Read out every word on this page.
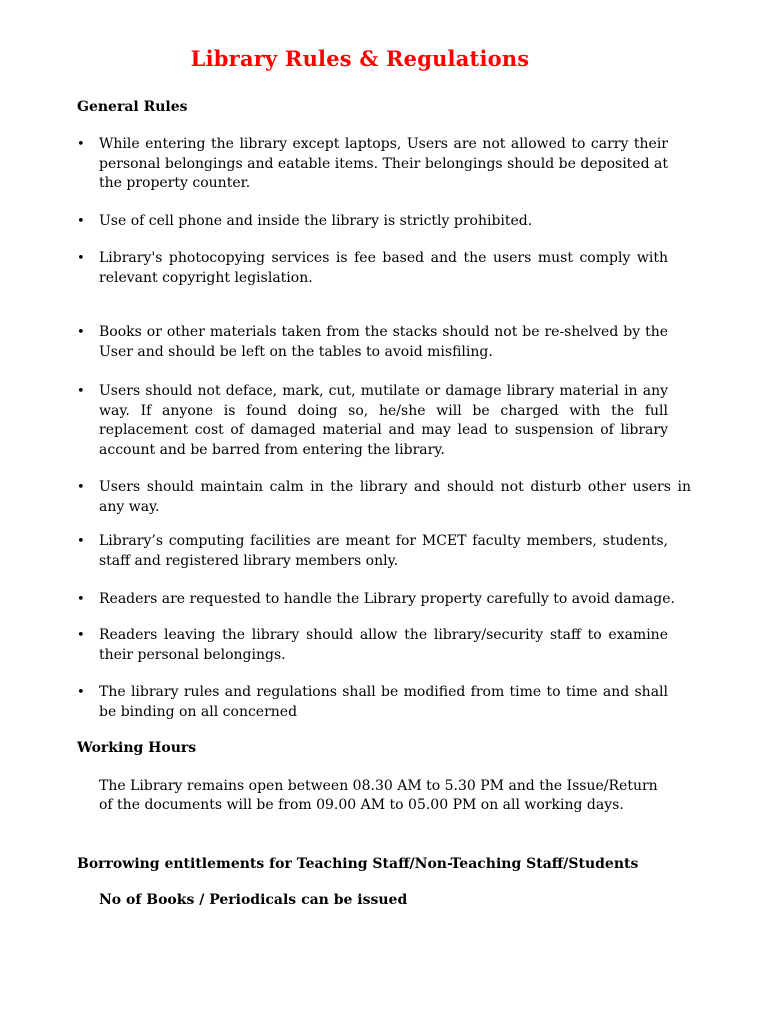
Library Rules & Regulations
General Rules
•	While entering the library except laptops, Users are not allowed to carry their personal belongings and eatable items. Their belongings should be deposited at the property counter.
•	Use of cell phone and inside the library is strictly prohibited.
•	Library's photocopying services is fee based and the users must comply with relevant copyright legislation.
•	Books or other materials taken from the stacks should not be re-shelved by the User and should be left on the tables to avoid misfiling.
•	Users should not deface, mark, cut, mutilate or damage library material in any way. If anyone is found doing so, he/she will be charged with the full replacement cost of damaged material and may lead to suspension of library account and be barred from entering the library.
•	Users should maintain calm in the library and should not disturb other users in any way.
•	Library’s computing facilities are meant for MCET faculty members, students, staff and registered library members only.
•	Readers are requested to handle the Library property carefully to avoid damage.
•	Readers leaving the library should allow the library/security staff to examine their personal belongings.
•	The library rules and regulations shall be modified from time to time and shall be binding on all concerned
Working Hours

The Library remains open between 08.30 AM to 5.30 PM and the Issue/Return of the documents will be from 09.00 AM to 05.00 PM on all working days.

Borrowing entitlements for Teaching Staff/Non-Teaching Staff/Students
No of Books / Periodicals can be issued
